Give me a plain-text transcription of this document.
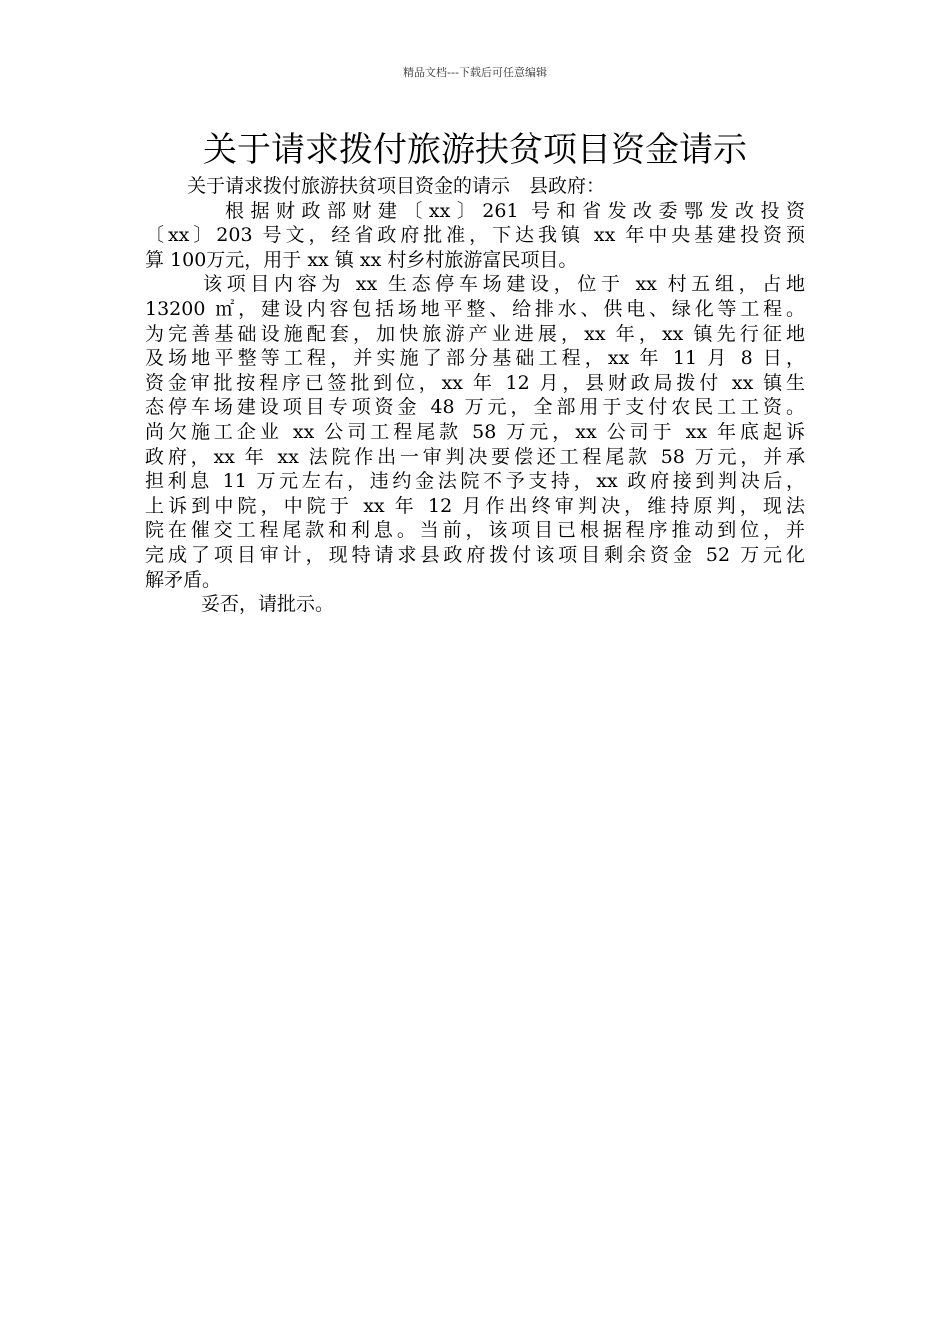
精品文档---下载后可任意编辑
关于请求拨付旅游扶贫项目资金请示
关于请求拨付旅游扶贫项目资金的请示　县政府：
根据财政部财建〔xx〕261 号和省发改委鄂发改投资
〔xx〕203 号文，经省政府批准，下达我镇 xx 年中央基建投资预
算 100万元，用于 xx 镇 xx 村乡村旅游富民项目。
该项目内容为 xx 生态停车场建设，位于 xx 村五组，占地
13200 ㎡，建设内容包括场地平整、给排水、供电、绿化等工程。
为完善基础设施配套，加快旅游产业进展，xx 年，xx 镇先行征地
及场地平整等工程，并实施了部分基础工程，xx 年 11 月 8 日，
资金审批按程序已签批到位，xx 年 12 月，县财政局拨付 xx 镇生
态停车场建设项目专项资金 48 万元，全部用于支付农民工工资。
尚欠施工企业 xx 公司工程尾款 58 万元，xx 公司于 xx 年底起诉
政府，xx 年 xx 法院作出一审判决要偿还工程尾款 58 万元，并承
担利息 11 万元左右，违约金法院不予支持，xx 政府接到判决后，
上诉到中院，中院于 xx 年 12 月作出终审判决，维持原判，现法
院在催交工程尾款和利息。当前，该项目已根据程序推动到位，并
完成了项目审计，现特请求县政府拨付该项目剩余资金 52 万元化
解矛盾。
妥否，请批示。
